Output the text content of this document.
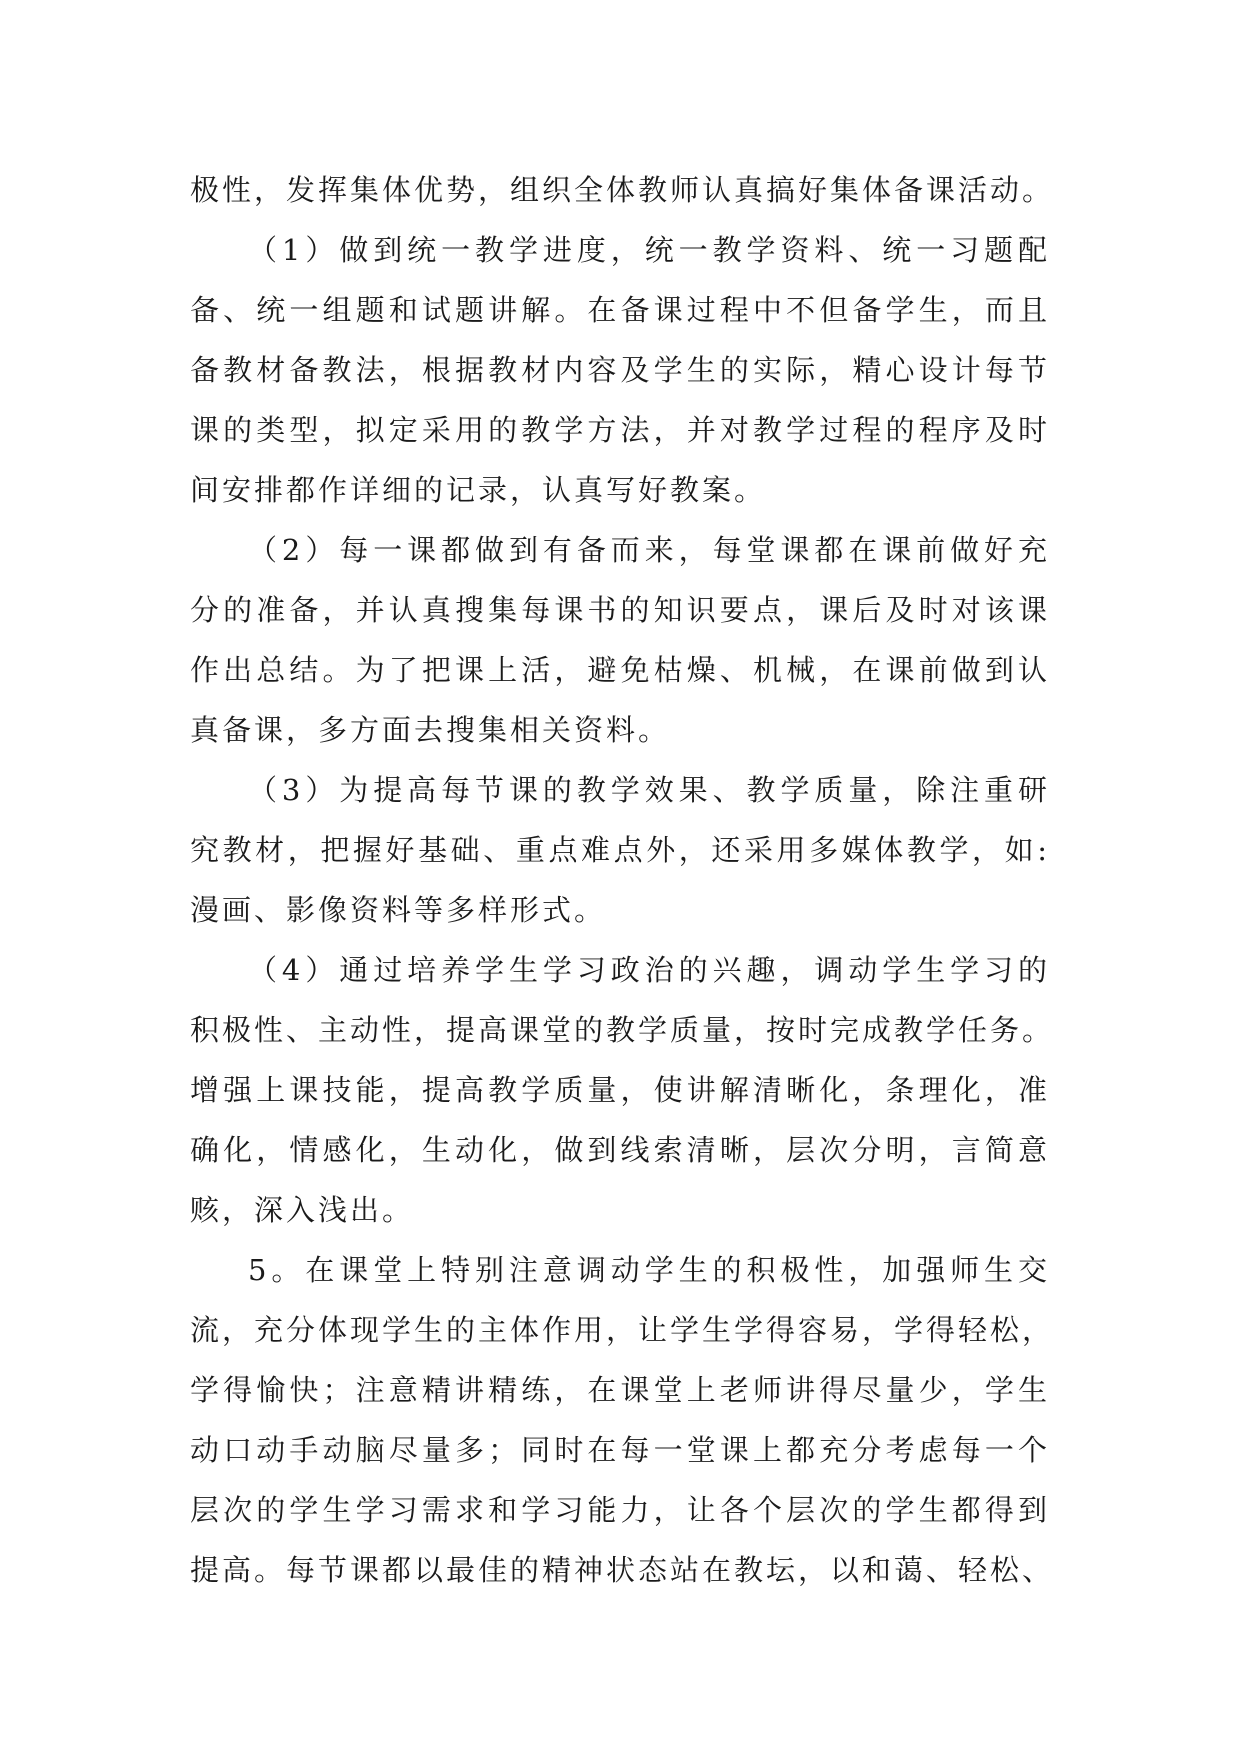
极性，发挥集体优势，组织全体教师认真搞好集体备课活动。
（1）做到统一教学进度，统一教学资料、统一习题配
备、统一组题和试题讲解。在备课过程中不但备学生，而且
备教材备教法，根据教材内容及学生的实际，精心设计每节
课的类型，拟定采用的教学方法，并对教学过程的程序及时
间安排都作详细的记录，认真写好教案。
（2）每一课都做到有备而来，每堂课都在课前做好充
分的准备，并认真搜集每课书的知识要点，课后及时对该课
作出总结。为了把课上活，避免枯燥、机械，在课前做到认
真备课，多方面去搜集相关资料。
（3）为提高每节课的教学效果、教学质量，除注重研
究教材，把握好基础、重点难点外，还采用多媒体教学，如:
漫画、影像资料等多样形式。
（4）通过培养学生学习政治的兴趣，调动学生学习的
积极性、主动性，提高课堂的教学质量，按时完成教学任务。
增强上课技能，提高教学质量，使讲解清晰化，条理化，准
确化，情感化，生动化，做到线索清晰，层次分明，言简意
赅，深入浅出。
5。在课堂上特别注意调动学生的积极性，加强师生交
流，充分体现学生的主体作用，让学生学得容易，学得轻松，
学得愉快；注意精讲精练，在课堂上老师讲得尽量少，学生
动口动手动脑尽量多；同时在每一堂课上都充分考虑每一个
层次的学生学习需求和学习能力，让各个层次的学生都得到
提高。每节课都以最佳的精神状态站在教坛，以和蔼、轻松、
